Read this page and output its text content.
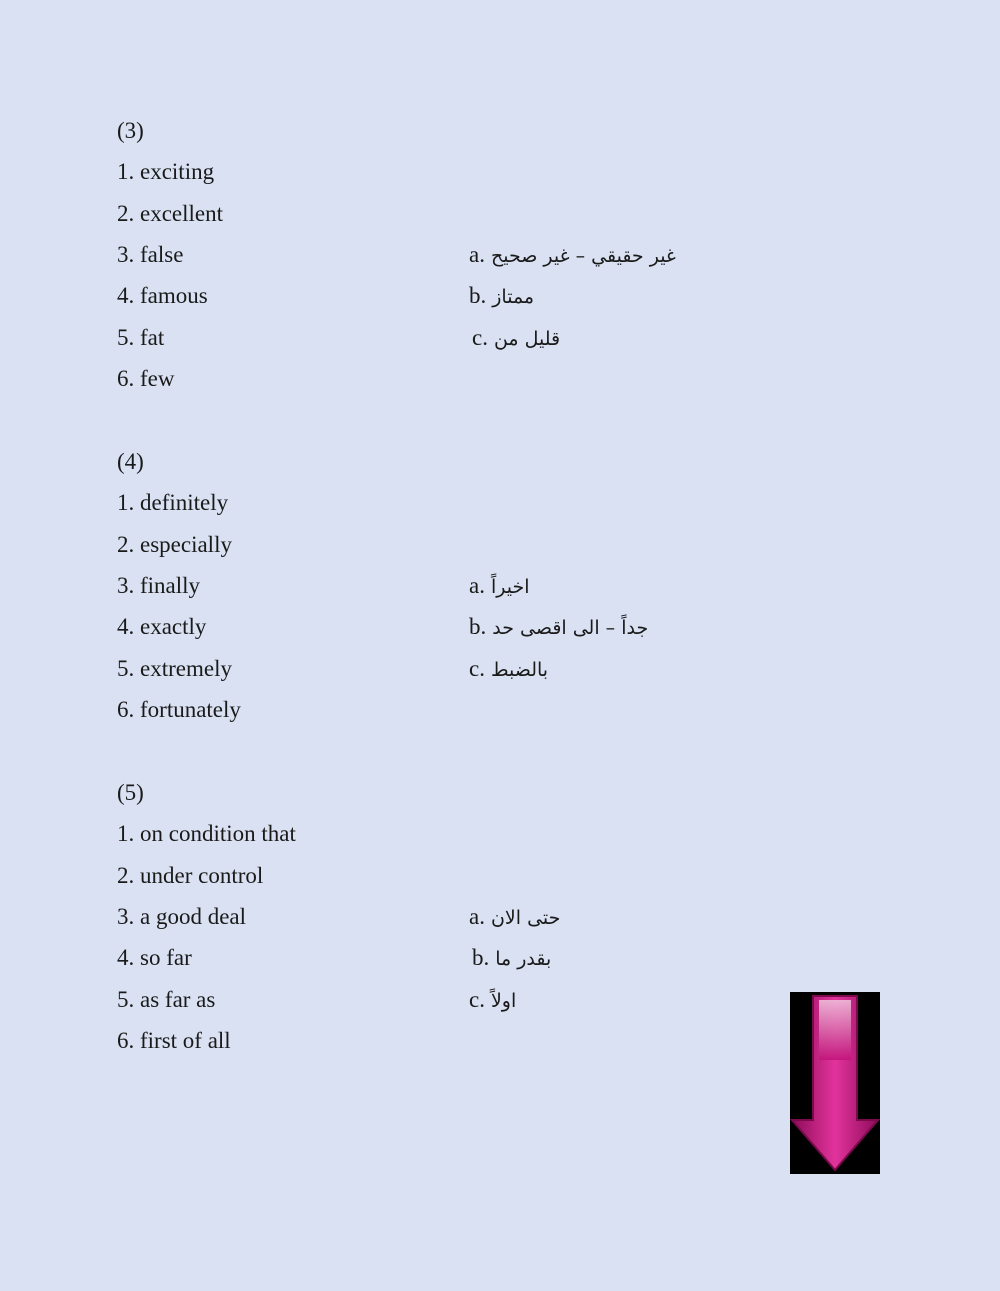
(3)
1. exciting
2. excellent
3. false
4. famous
5. fat
6. few
a. غير حقيقي – غير صحيح
b. ممتاز
c. قليل من
(4)
1. definitely
2. especially
3. finally
4. exactly
5. extremely
6. fortunately
a. اخيراً
b. جداً – الى اقصى حد
c. بالضبط
(5)
1. on condition that
2. under control
3. a good deal
4. so far
5. as far as
6. first of all
a. حتى الان
b. بقدر ما
c. اولاً
